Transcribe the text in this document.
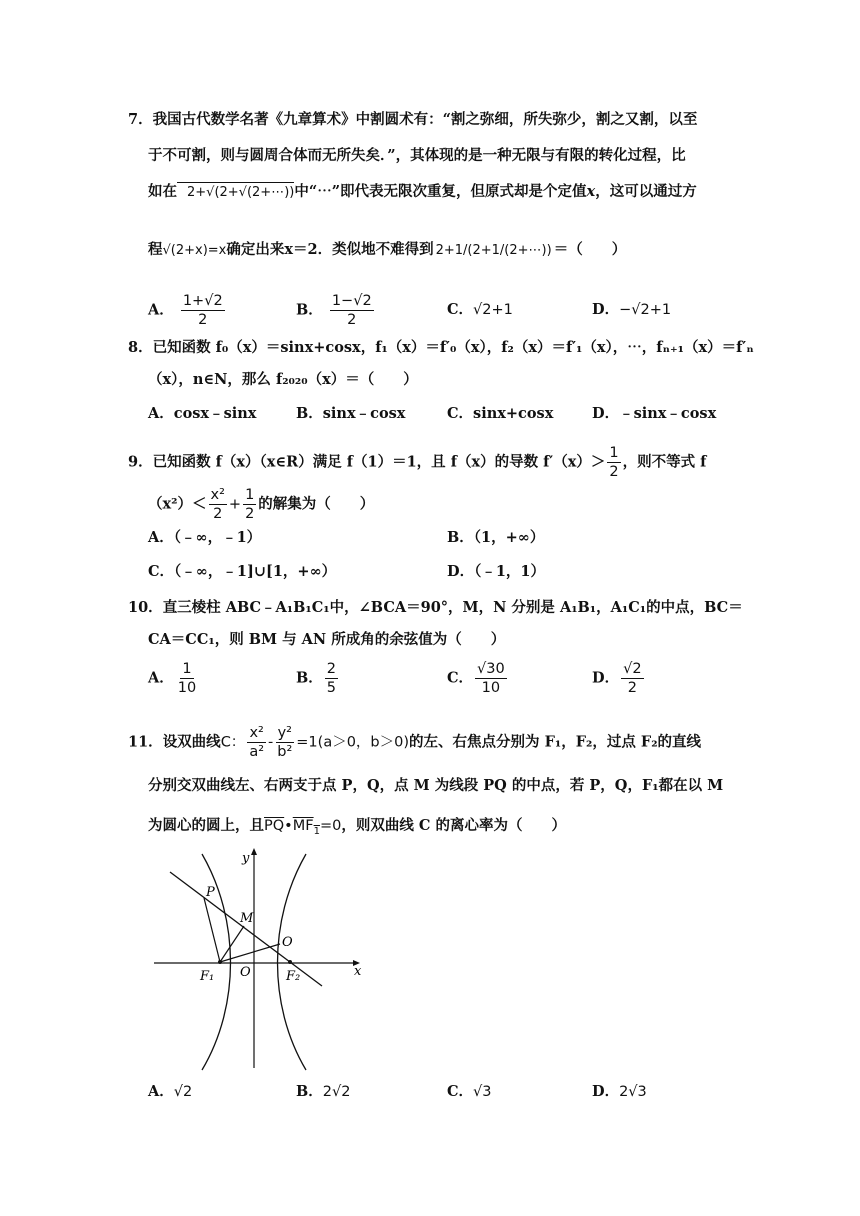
7．我国古代数学名著《九章算术》中割圆术有：“割之弥细，所失弥少，割之又割，以至
于不可割，则与圆周合体而无所失矣．”，其体现的是一种无限与有限的转化过程，比
如在 2+√(2+√(2+⋯))中“⋯”即代表无限次重复，但原式却是个定值x，这可以通过方
程√(2+x)=x确定出来x＝2．类似地不难得到 2+1/(2+1/(2+⋯)) ＝（　　）
A． $\frac{1+√2}{2}$	B． $\frac{1-√2}{2}$	C．√2+1	D．−√2+1
8．已知函数 f₀（x）＝sinx+cosx，f₁（x）＝f′₀（x），f₂（x）＝f′₁（x），⋯，fₙ₊₁（x）＝f′ₙ
（x），n∈N，那么 f₂₀₂₀（x）＝（　　）
A．cosx﹣sinx	B．sinx﹣cosx	C．sinx+cosx	D．﹣sinx﹣cosx
9．已知函数 f（x）（x∈R）满足 f（1）＝1，且 f（x）的导数 $f'(x)> \frac{1}{2}$ ，则不等式 f
$(x^2)< \frac{\text{x²}}{2} + \frac{1}{2}$ 的解集为（　　）
A．（﹣∞，﹣1）	B．（1，+∞）
C．（﹣∞，﹣1]∪[1，+∞）	D．（﹣1，1）
10．直三棱柱 ABC﹣A₁B₁C₁中，∠BCA＝90°，M，N 分别是 A₁B₁，A₁C₁的中点，BC＝
CA＝CC₁，则 BM 与 AN 所成角的余弦值为（　　）
A． $\frac{1}{10}$	B． $\frac{2}{5}$	C． $\frac{√30}{10}$	D． $\frac{√2}{2}$
11．设双曲线C： $\frac{\text{x²}}{\text{a²}} - \frac{\text{y²}}{\text{b²}} =1(a>0$，b＞0)的左、右焦点分别为 F₁，F₂，过点 F₂的直线
分别交双曲线左、右两支于点 P，Q，点 M 为线段 PQ 的中点，若 P，Q，F₁都在以 M
为圆心的圆上，且$\overline{PQ}•MF_1=0$，则双曲线 C 的离心率为（　　）
y
x
P
M
O
F₁ O	F₂
A．√2	B．2√2	C．√3	D．2√3
